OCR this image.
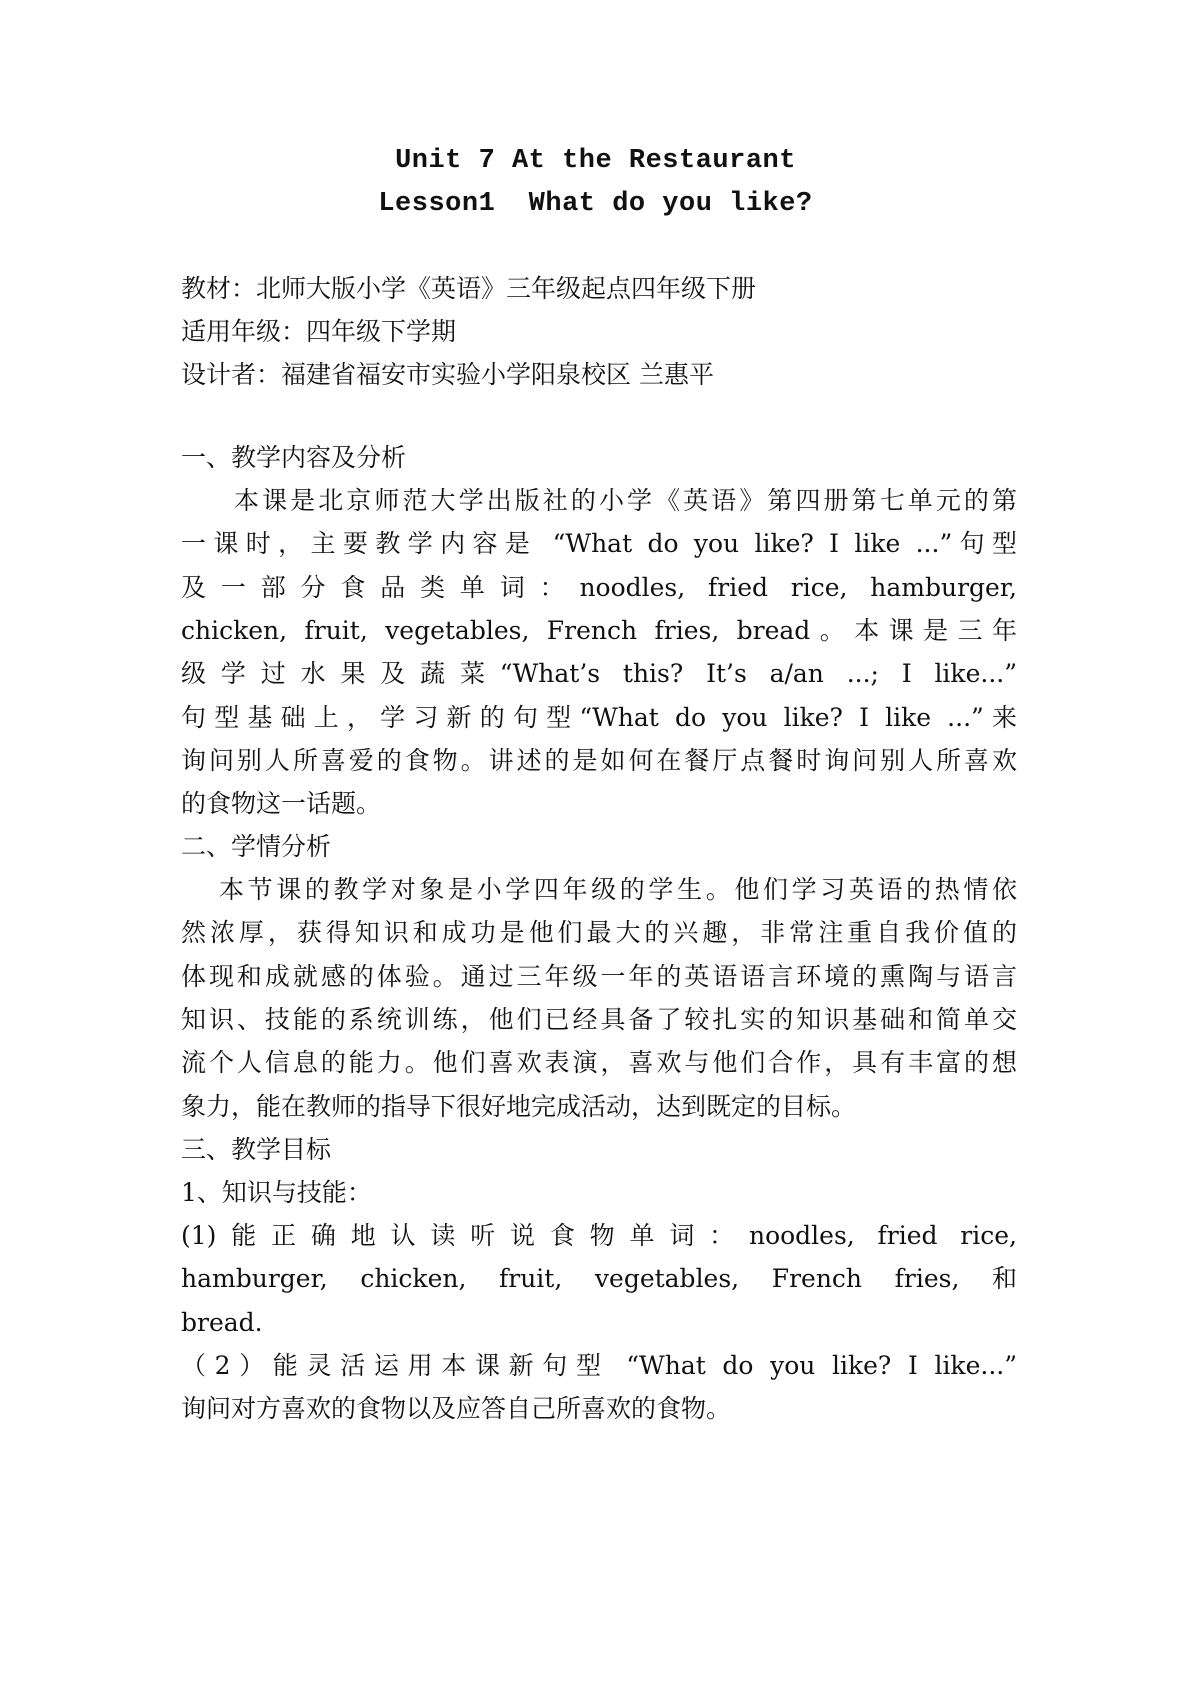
Unit 7 At the Restaurant
Lesson1  What do you like?
教材：北师大版小学《英语》三年级起点四年级下册
适用年级：四年级下学期
设计者：福建省福安市实验小学阳泉校区 兰惠平
一、教学内容及分析
本课是北京师范大学出版社的小学《英语》第四册第七单元的第
一课时，主要教学内容是 “What do you like? I like ...”句型
及一部分食品类单词：noodles, fried rice, hamburger,
chicken, fruit, vegetables, French fries, bread。本课是三年
级学过水果及蔬菜“What’s this? It’s a/an ...; I like...”
句型基础上，学习新的句型“What do you like? I like ...”来
询问别人所喜爱的食物。讲述的是如何在餐厅点餐时询问别人所喜欢
的食物这一话题。
二、学情分析
本节课的教学对象是小学四年级的学生。他们学习英语的热情依
然浓厚，获得知识和成功是他们最大的兴趣，非常注重自我价值的
体现和成就感的体验。通过三年级一年的英语语言环境的熏陶与语言
知识、技能的系统训练，他们已经具备了较扎实的知识基础和简单交
流个人信息的能力。他们喜欢表演，喜欢与他们合作，具有丰富的想
象力，能在教师的指导下很好地完成活动，达到既定的目标。
三、教学目标
1、知识与技能：
(1)能正确地认读听说食物单词：noodles, fried rice,
hamburger, chicken, fruit, vegetables, French fries, 和
bread.
（2）能灵活运用本课新句型 “What do you like? I like...”
询问对方喜欢的食物以及应答自己所喜欢的食物。
